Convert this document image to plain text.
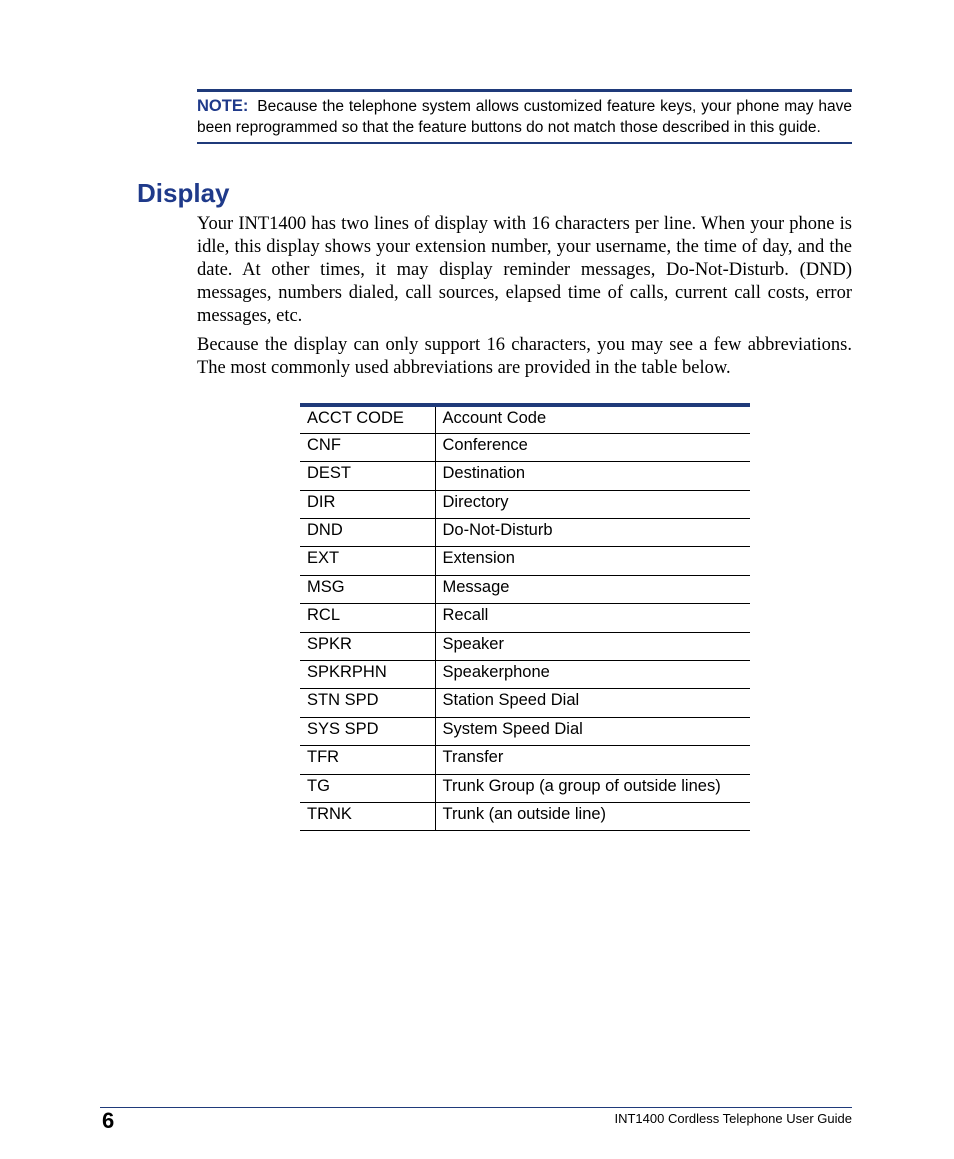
NOTE: Because the telephone system allows customized feature keys, your phone may have been reprogrammed so that the feature buttons do not match those described in this guide.
Display

Your INT1400 has two lines of display with 16 characters per line. When your phone is idle, this display shows your extension number, your username, the time of day, and the date. At other times, it may display reminder messages, Do-Not-Disturb. (DND) messages, numbers dialed, call sources, elapsed time of calls, current call costs, error messages, etc.

Because the display can only support 16 characters, you may see a few abbreviations. The most commonly used abbreviations are provided in the table below.

ACCT CODE	Account Code
CNF	Conference
DEST	Destination
DIR	Directory
DND	Do-Not-Disturb
EXT	Extension
MSG	Message
RCL	Recall
SPKR	Speaker
SPKRPHN	Speakerphone
STN SPD	Station Speed Dial
SYS SPD	System Speed Dial
TFR	Transfer
TG	Trunk Group (a group of outside lines)
TRNK	Trunk (an outside line)
6	INT1400 Cordless Telephone User Guide
